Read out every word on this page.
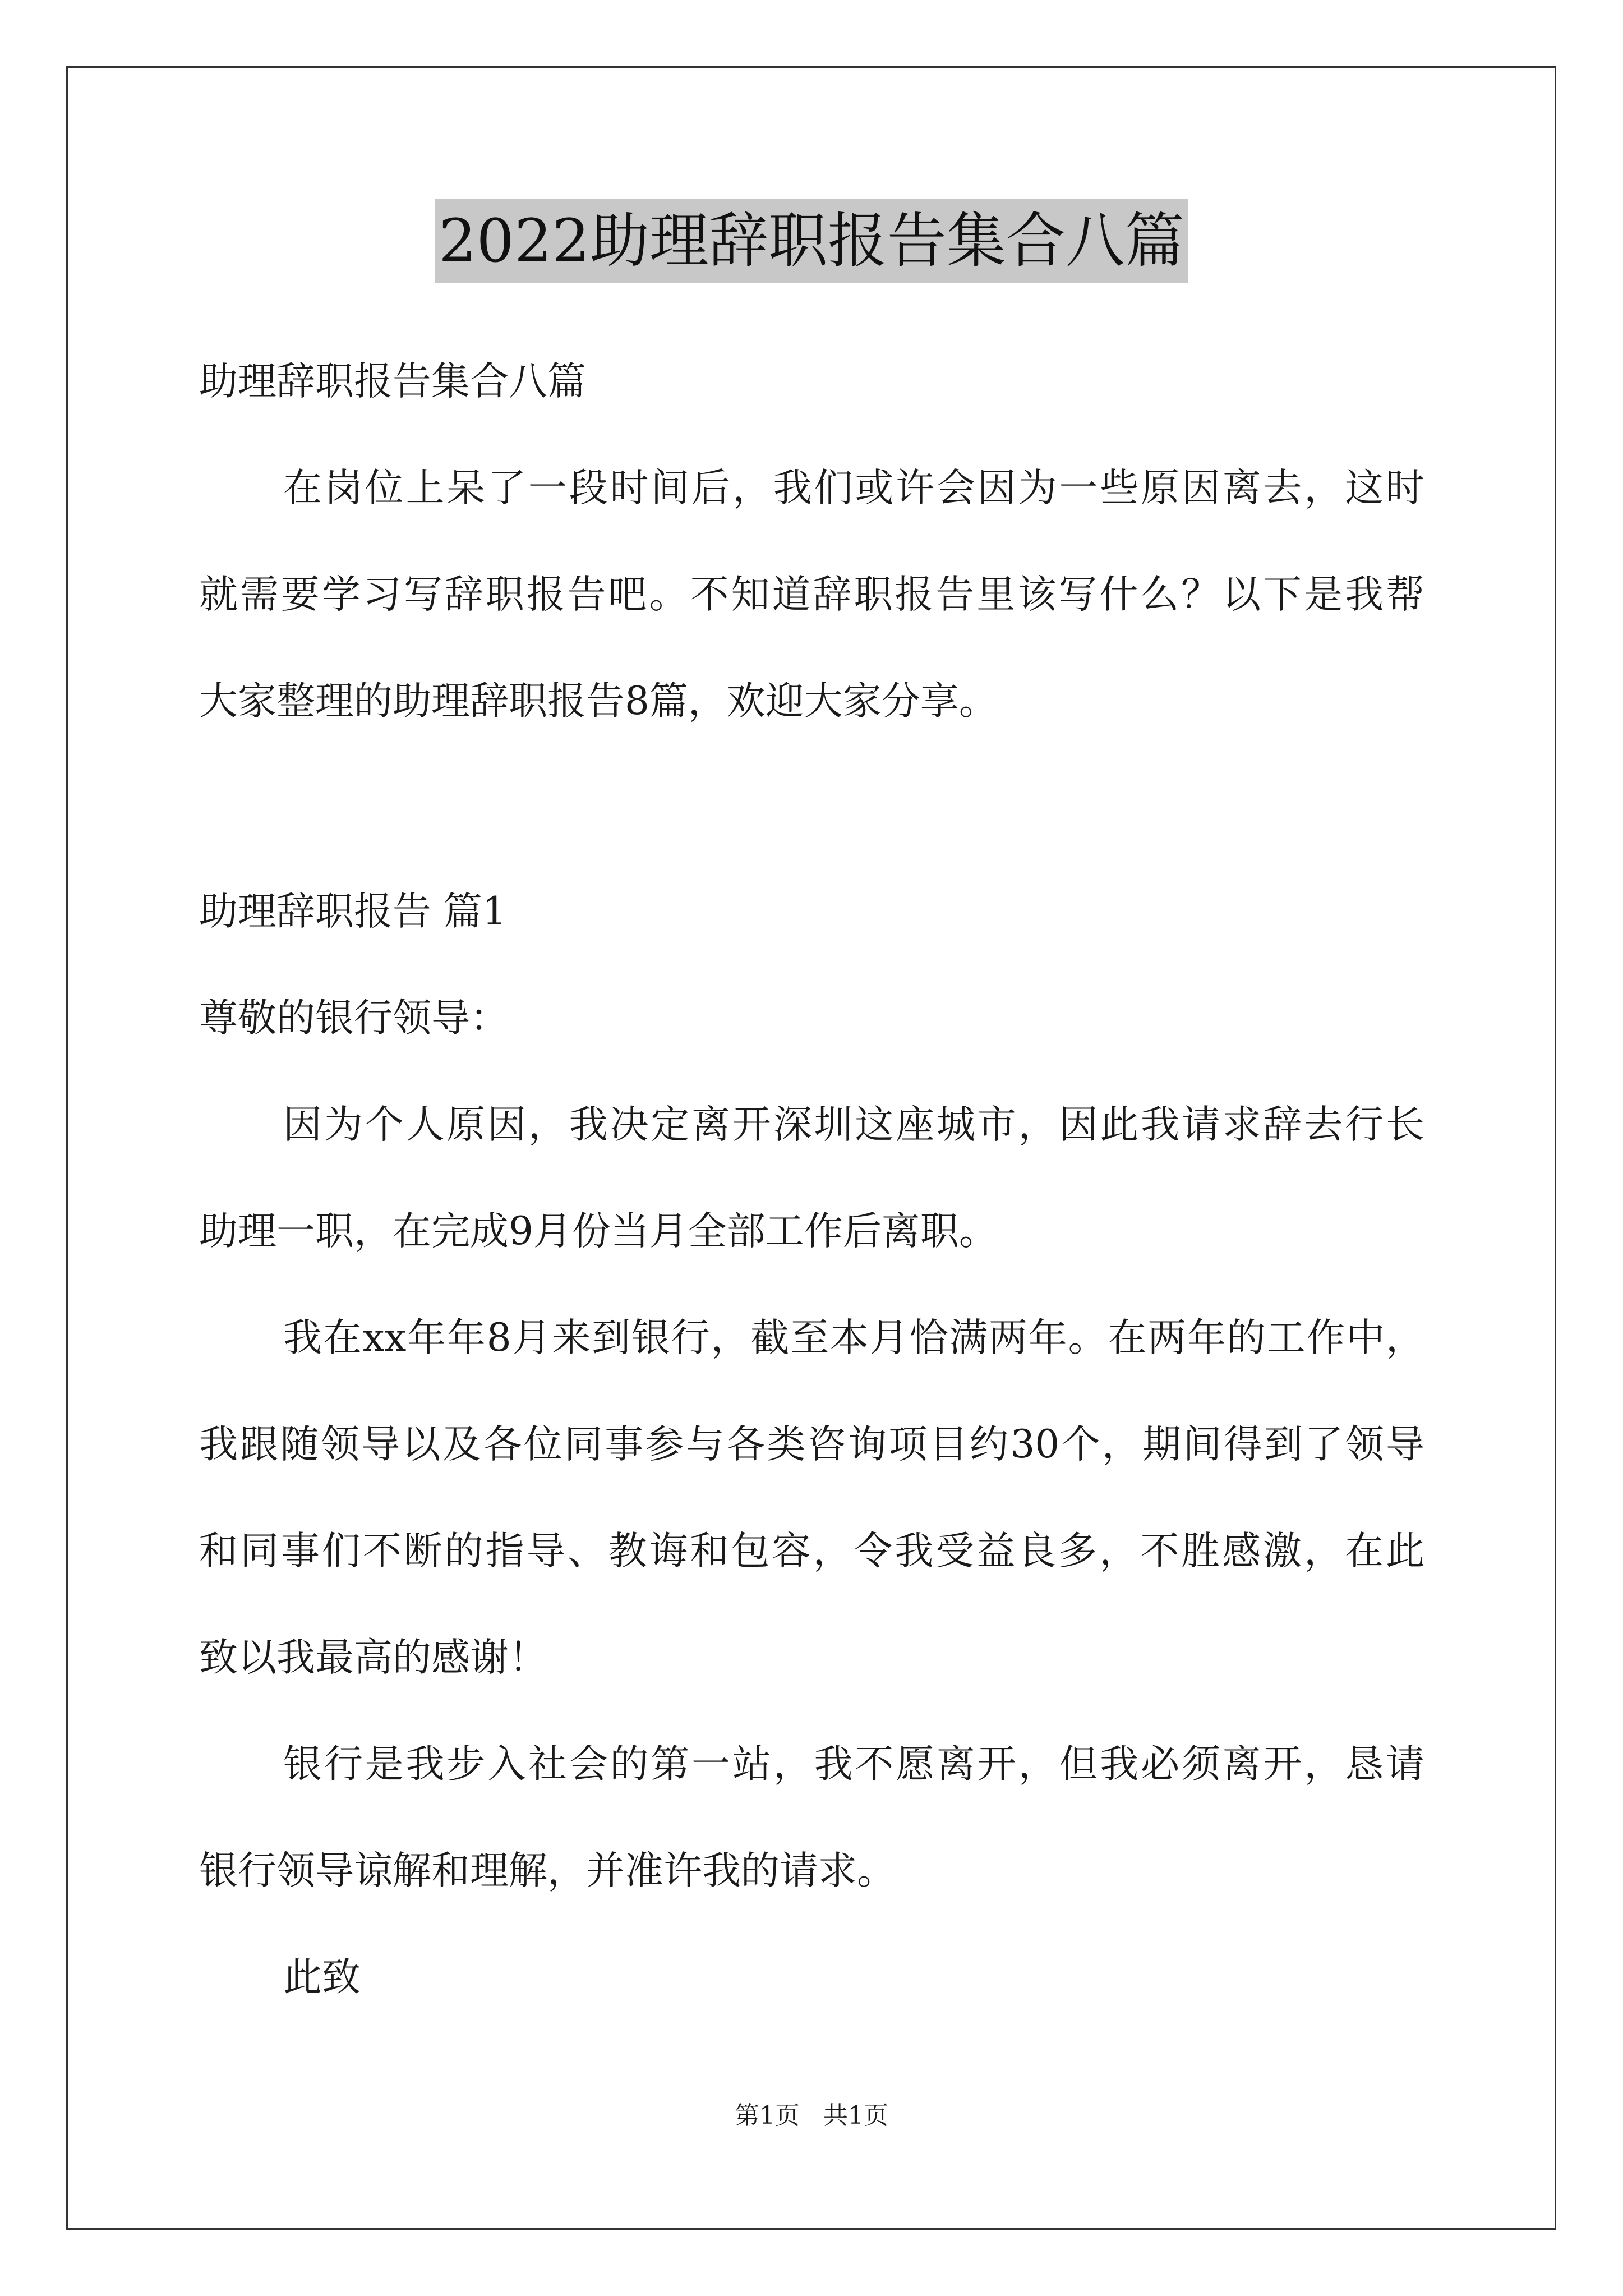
2022助理辞职报告集合八篇
助理辞职报告集合八篇
在岗位上呆了一段时间后，我们或许会因为一些原因离去，这时
就需要学习写辞职报告吧。不知道辞职报告里该写什么？以下是我帮
大家整理的助理辞职报告8篇，欢迎大家分享。
助理辞职报告 篇1
尊敬的银行领导：
因为个人原因，我决定离开深圳这座城市，因此我请求辞去行长
助理一职，在完成9月份当月全部工作后离职。
我在xx年年8月来到银行，截至本月恰满两年。在两年的工作中，
我跟随领导以及各位同事参与各类咨询项目约30个，期间得到了领导
和同事们不断的指导、教诲和包容，令我受益良多，不胜感激，在此
致以我最高的感谢！
银行是我步入社会的第一站，我不愿离开，但我必须离开，恳请
银行领导谅解和理解，并准许我的请求。
此致
第1页   共1页
